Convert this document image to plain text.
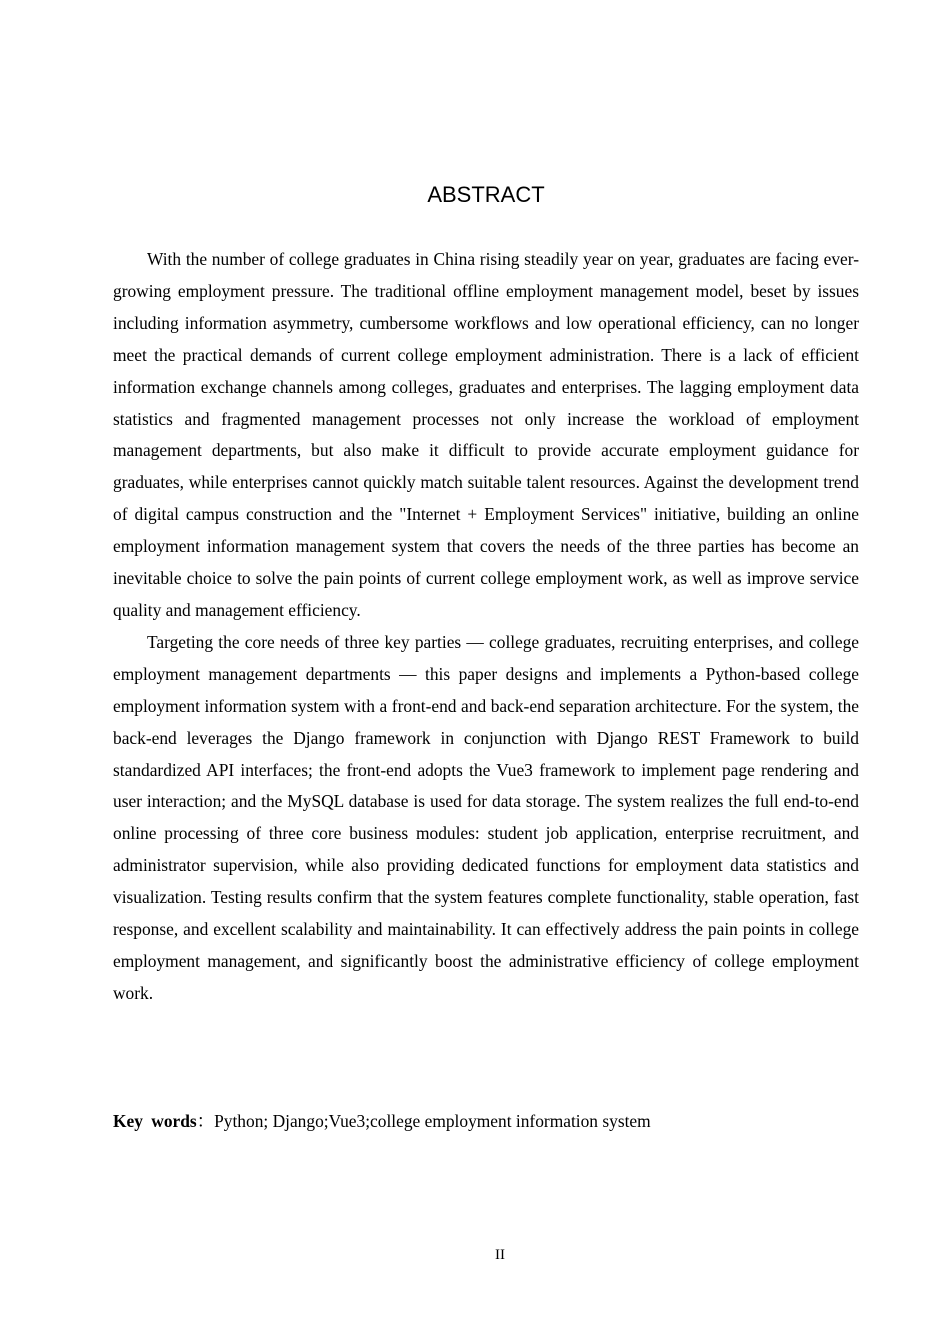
ABSTRACT

With the number of college graduates in China rising steadily year on year, graduates are facing ever-growing employment pressure. The traditional offline employment management model, beset by issues including information asymmetry, cumbersome workflows and low operational efficiency, can no longer meet the practical demands of current college employment administration. There is a lack of efficient information exchange channels among colleges, graduates and enterprises. The lagging employment data statistics and fragmented management processes not only increase the workload of employment management departments, but also make it difficult to provide accurate employment guidance for graduates, while enterprises cannot quickly match suitable talent resources. Against the development trend of digital campus construction and the "Internet + Employment Services" initiative, building an online employment information management system that covers the needs of the three parties has become an inevitable choice to solve the pain points of current college employment work, as well as improve service quality and management efficiency.

Targeting the core needs of three key parties — college graduates, recruiting enterprises, and college employment management departments — this paper designs and implements a Python-based college employment information system with a front-end and back-end separation architecture. For the system, the back-end leverages the Django framework in conjunction with Django REST Framework to build standardized API interfaces; the front-end adopts the Vue3 framework to implement page rendering and user interaction; and the MySQL database is used for data storage. The system realizes the full end-to-end online processing of three core business modules: student job application, enterprise recruitment, and administrator supervision, while also providing dedicated functions for employment data statistics and visualization. Testing results confirm that the system features complete functionality, stable operation, fast response, and excellent scalability and maintainability. It can effectively address the pain points in college employment management, and significantly boost the administrative efficiency of college employment work.

Key words：Python; Django;Vue3;college employment information system
II
